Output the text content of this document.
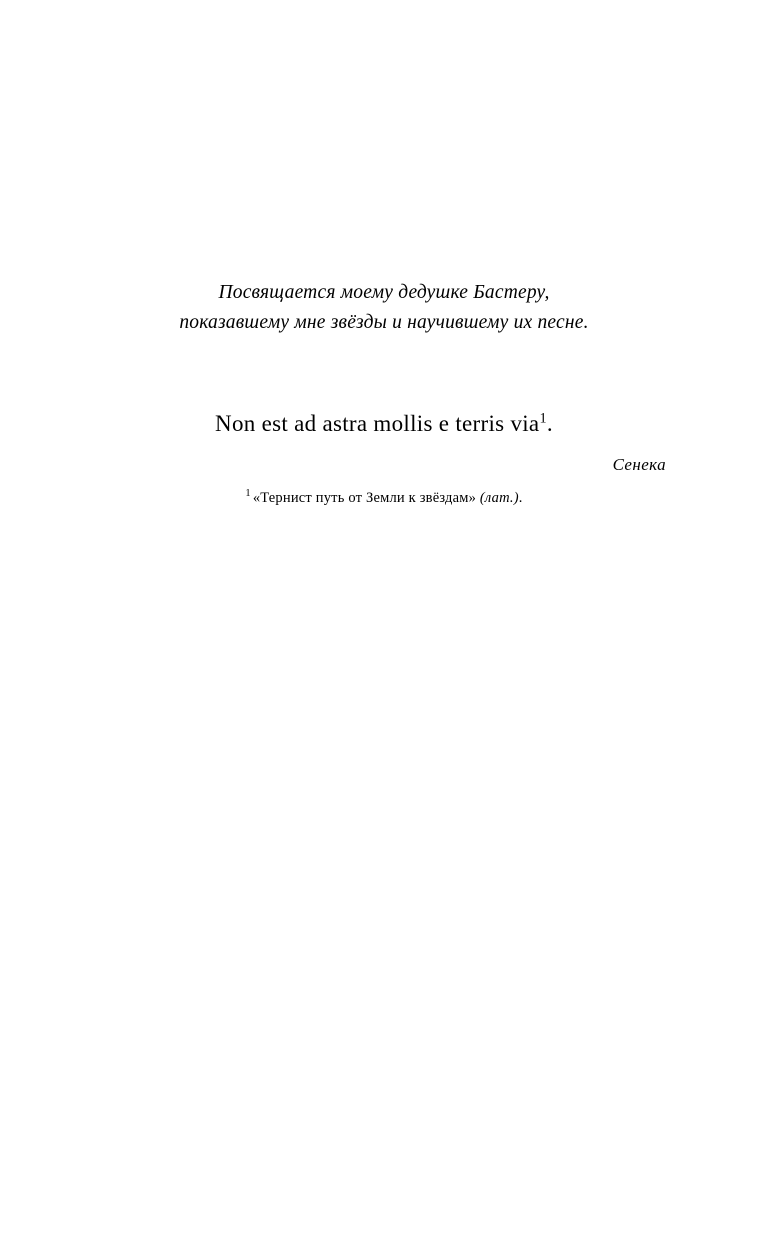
Посвящается моему дедушке Бастеру,
показавшему мне звёзды и научившему их песне.
Non est ad astra mollis e terris via$^1$.
Сенека
$^1$ «Тернист путь от Земли к звёздам» (лат.).
